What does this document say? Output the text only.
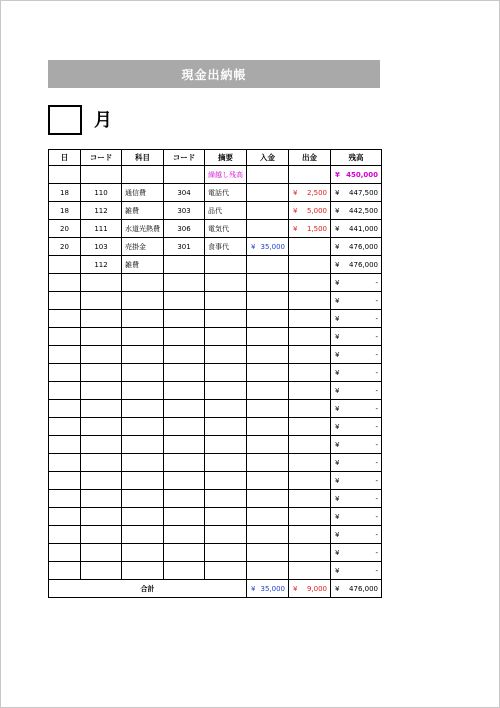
現金出納帳
月
日	コード	科目	コード	摘要	入金	出金	残高
				繰越し残高			¥ 450,000

18	110	通信費	304	電話代		¥ 2,500	¥ 447,500

18	112	雑費	303	品代		¥ 5,000	¥ 442,500

20	111	水道光熱費	306	電気代		¥ 1,500	¥ 441,000

20	103	売掛金	301	食事代	¥ 35,000		¥ 476,000

	112	雑費					¥ 476,000

							¥ -

							¥ -

							¥ -

							¥ -

							¥ -

							¥ -

							¥ -

							¥ -

							¥ -

							¥ -

							¥ -

							¥ -

							¥ -

							¥ -

							¥ -

							¥ -

							¥ -

合計					¥ 35,000	¥ 9,000	¥ 476,000
